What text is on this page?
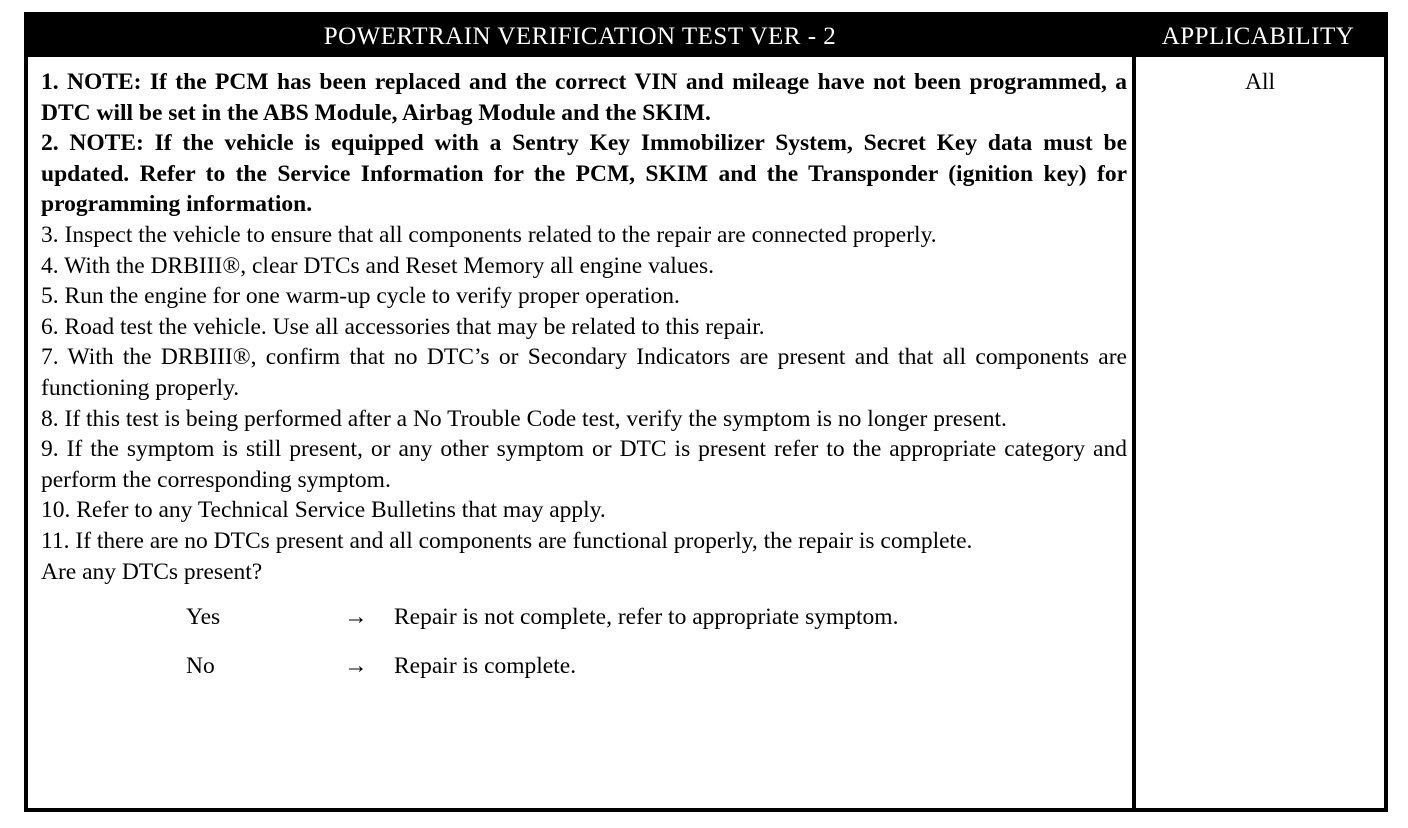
POWERTRAIN VERIFICATION TEST VER - 2	APPLICABILITY

1. NOTE: If the PCM has been replaced and the correct VIN and mileage have not been programmed, a DTC will be set in the ABS Module, Airbag Module and the SKIM.

2. NOTE: If the vehicle is equipped with a Sentry Key Immobilizer System, Secret Key data must be updated. Refer to the Service Information for the PCM, SKIM and the Transponder (ignition key) for programming information.

3. Inspect the vehicle to ensure that all components related to the repair are connected properly.

4. With the DRBIII®, clear DTCs and Reset Memory all engine values.

5. Run the engine for one warm-up cycle to verify proper operation.

6. Road test the vehicle. Use all accessories that may be related to this repair.

7. With the DRBIII®, confirm that no DTC’s or Secondary Indicators are present and that all components are functioning properly.

8. If this test is being performed after a No Trouble Code test, verify the symptom is no longer present.

9. If the symptom is still present, or any other symptom or DTC is present refer to the appropriate category and perform the corresponding symptom.

10. Refer to any Technical Service Bulletins that may apply.

11. If there are no DTCs present and all components are functional properly, the repair is complete.

Are any DTCs present?

Yes	→	Repair is not complete, refer to appropriate symptom.
No	→	Repair is complete.
All
